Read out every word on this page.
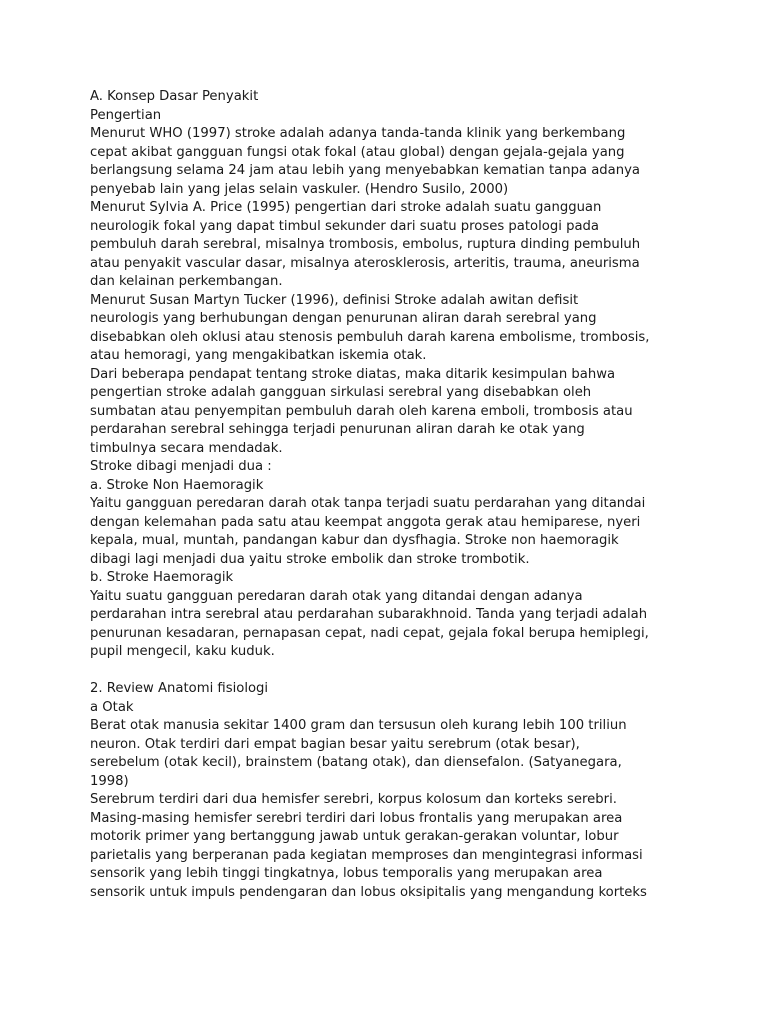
A. Konsep Dasar Penyakit
Pengertian
Menurut WHO (1997) stroke adalah adanya tanda-tanda klinik yang berkembang
cepat akibat gangguan fungsi otak fokal (atau global) dengan gejala-gejala yang
berlangsung selama 24 jam atau lebih yang menyebabkan kematian tanpa adanya
penyebab lain yang jelas selain vaskuler. (Hendro Susilo, 2000)
Menurut Sylvia A. Price (1995) pengertian dari stroke adalah suatu gangguan
neurologik fokal yang dapat timbul sekunder dari suatu proses patologi pada
pembuluh darah serebral, misalnya trombosis, embolus, ruptura dinding pembuluh
atau penyakit vascular dasar, misalnya aterosklerosis, arteritis, trauma, aneurisma
dan kelainan perkembangan.
Menurut Susan Martyn Tucker (1996), definisi Stroke adalah awitan defisit
neurologis yang berhubungan dengan penurunan aliran darah serebral yang
disebabkan oleh oklusi atau stenosis pembuluh darah karena embolisme, trombosis,
atau hemoragi, yang mengakibatkan iskemia otak.
Dari beberapa pendapat tentang stroke diatas, maka ditarik kesimpulan bahwa
pengertian stroke adalah gangguan sirkulasi serebral yang disebabkan oleh
sumbatan atau penyempitan pembuluh darah oleh karena emboli, trombosis atau
perdarahan serebral sehingga terjadi penurunan aliran darah ke otak yang
timbulnya secara mendadak.
Stroke dibagi menjadi dua :
a. Stroke Non Haemoragik
Yaitu gangguan peredaran darah otak tanpa terjadi suatu perdarahan yang ditandai
dengan kelemahan pada satu atau keempat anggota gerak atau hemiparese, nyeri
kepala, mual, muntah, pandangan kabur dan dysfhagia. Stroke non haemoragik
dibagi lagi menjadi dua yaitu stroke embolik dan stroke trombotik.
b. Stroke Haemoragik
Yaitu suatu gangguan peredaran darah otak yang ditandai dengan adanya
perdarahan intra serebral atau perdarahan subarakhnoid. Tanda yang terjadi adalah
penurunan kesadaran, pernapasan cepat, nadi cepat, gejala fokal berupa hemiplegi,
pupil mengecil, kaku kuduk.
2. Review Anatomi fisiologi
a Otak
Berat otak manusia sekitar 1400 gram dan tersusun oleh kurang lebih 100 triliun
neuron. Otak terdiri dari empat bagian besar yaitu serebrum (otak besar),
serebelum (otak kecil), brainstem (batang otak), dan diensefalon. (Satyanegara,
1998)
Serebrum terdiri dari dua hemisfer serebri, korpus kolosum dan korteks serebri.
Masing-masing hemisfer serebri terdiri dari lobus frontalis yang merupakan area
motorik primer yang bertanggung jawab untuk gerakan-gerakan voluntar, lobur
parietalis yang berperanan pada kegiatan memproses dan mengintegrasi informasi
sensorik yang lebih tinggi tingkatnya, lobus temporalis yang merupakan area
sensorik untuk impuls pendengaran dan lobus oksipitalis yang mengandung korteks
